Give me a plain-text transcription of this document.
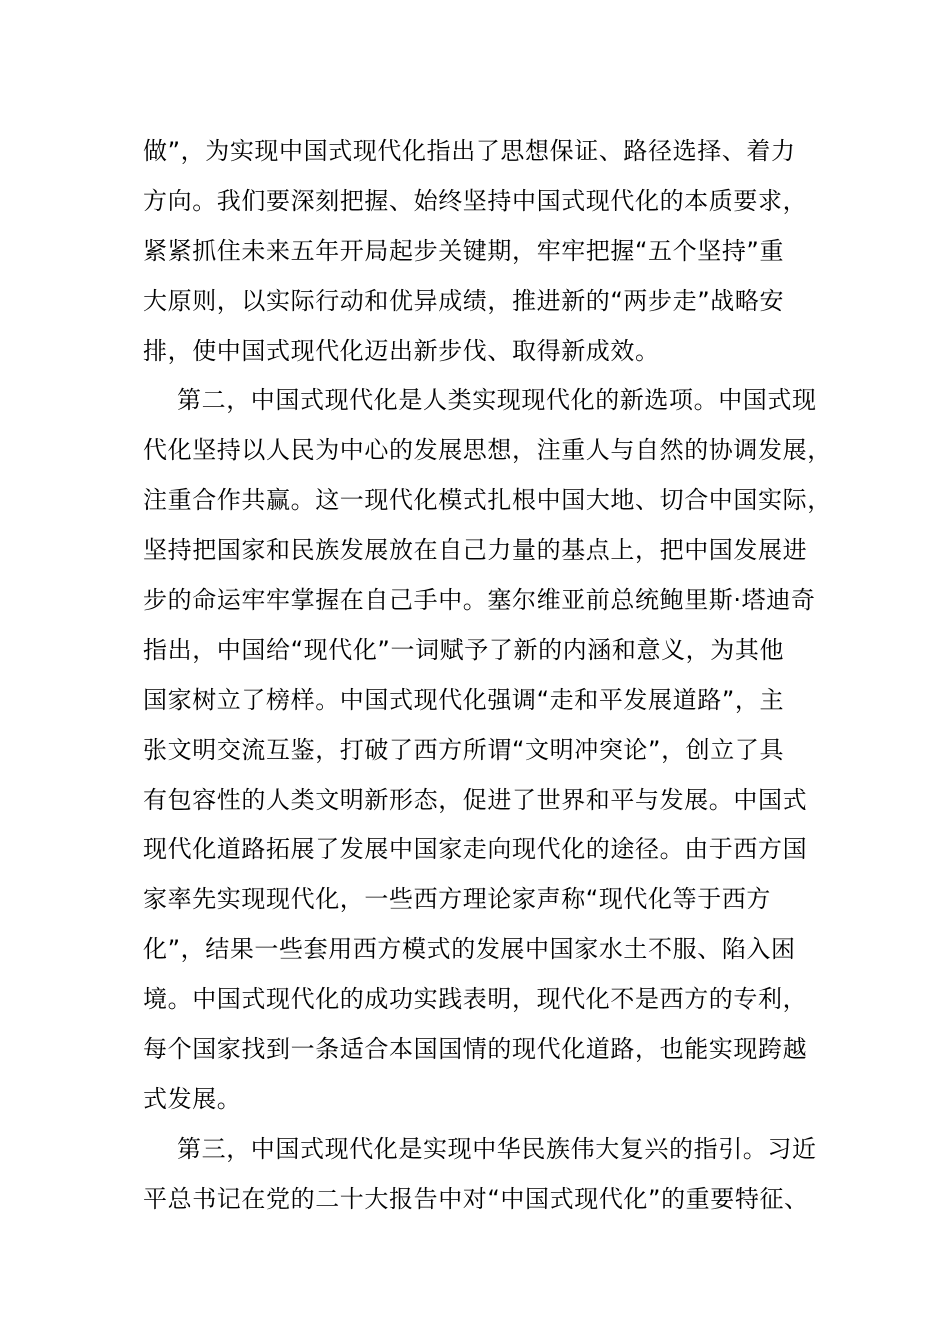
做”，为实现中国式现代化指出了思想保证、路径选择、着力
方向。我们要深刻把握、始终坚持中国式现代化的本质要求，
紧紧抓住未来五年开局起步关键期，牢牢把握“五个坚持”重
大原则，以实际行动和优异成绩，推进新的“两步走”战略安
排，使中国式现代化迈出新步伐、取得新成效。
第二，中国式现代化是人类实现现代化的新选项。中国式现
代化坚持以人民为中心的发展思想，注重人与自然的协调发展，
注重合作共赢。这一现代化模式扎根中国大地、切合中国实际，
坚持把国家和民族发展放在自己力量的基点上，把中国发展进
步的命运牢牢掌握在自己手中。塞尔维亚前总统鲍里斯·塔迪奇
指出，中国给“现代化”一词赋予了新的内涵和意义，为其他
国家树立了榜样。中国式现代化强调“走和平发展道路”，主
张文明交流互鉴，打破了西方所谓“文明冲突论”，创立了具
有包容性的人类文明新形态，促进了世界和平与发展。中国式
现代化道路拓展了发展中国家走向现代化的途径。由于西方国
家率先实现现代化，一些西方理论家声称“现代化等于西方
化”，结果一些套用西方模式的发展中国家水土不服、陷入困
境。中国式现代化的成功实践表明，现代化不是西方的专利，
每个国家找到一条适合本国国情的现代化道路，也能实现跨越
式发展。
第三，中国式现代化是实现中华民族伟大复兴的指引。习近
平总书记在党的二十大报告中对“中国式现代化”的重要特征、
